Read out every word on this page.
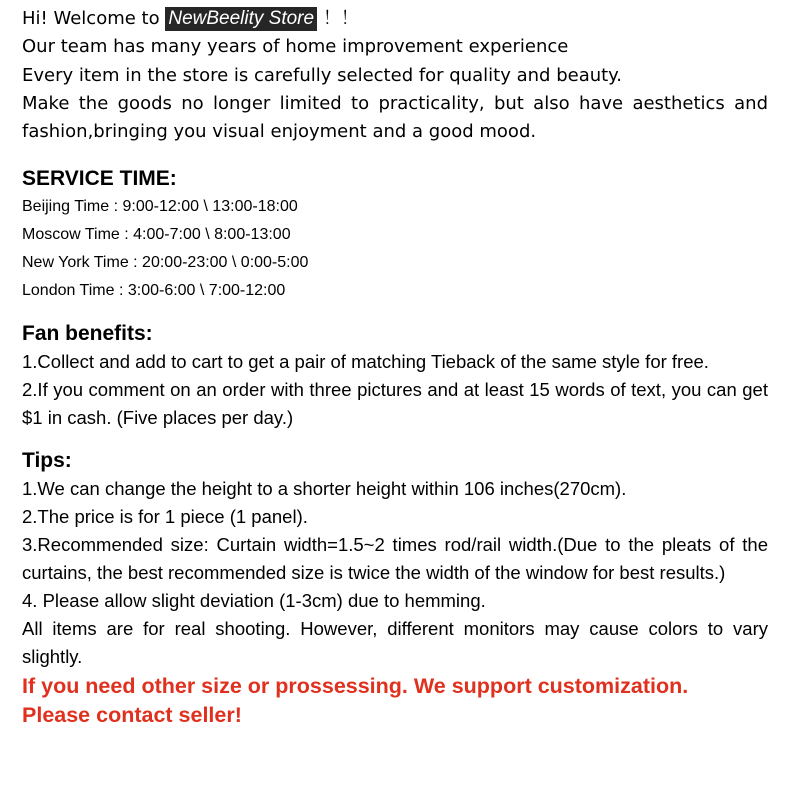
Hi! Welcome to NewBeelity Store ！！
Our team has many years of home improvement experience
Every item in the store is carefully selected for quality and beauty.
Make the goods no longer limited to practicality, but also have aesthetics and fashion,bringing you visual enjoyment and a good mood.
SERVICE TIME:
Beijing Time : 9:00-12:00 \ 13:00-18:00
Moscow Time : 4:00-7:00 \ 8:00-13:00
New York Time : 20:00-23:00 \ 0:00-5:00
London Time : 3:00-6:00 \ 7:00-12:00
Fan benefits:
1.Collect and add to cart to get a pair of matching Tieback of the same style for free.
2.If you comment on an order with three pictures and at least 15 words of text, you can get $1 in cash. (Five places per day.)
Tips:
1.We can change the height to a shorter height within 106 inches(270cm).
2.The price is for 1 piece (1 panel).
3.Recommended size: Curtain width=1.5~2 times rod/rail width.(Due to the pleats of the curtains, the best recommended size is twice the width of the window for best results.)
4. Please allow slight deviation (1-3cm) due to hemming.
All items are for real shooting. However, different monitors may cause colors to vary slightly.
If you need other size or prossessing. We support customization.
Please contact seller!
